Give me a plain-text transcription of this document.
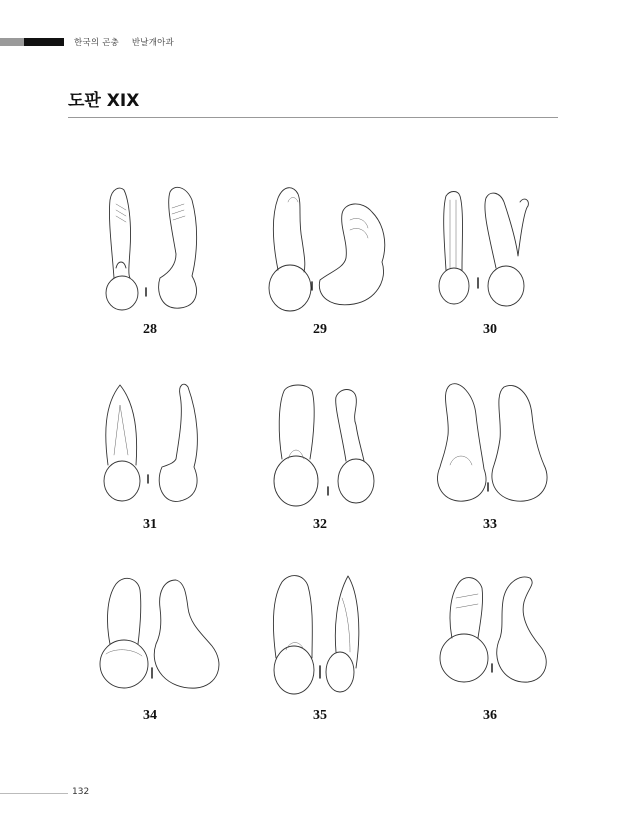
한국의 곤충 반날개아과
도판 XIX
28	29	30
31	32	33
34	35	36
132
